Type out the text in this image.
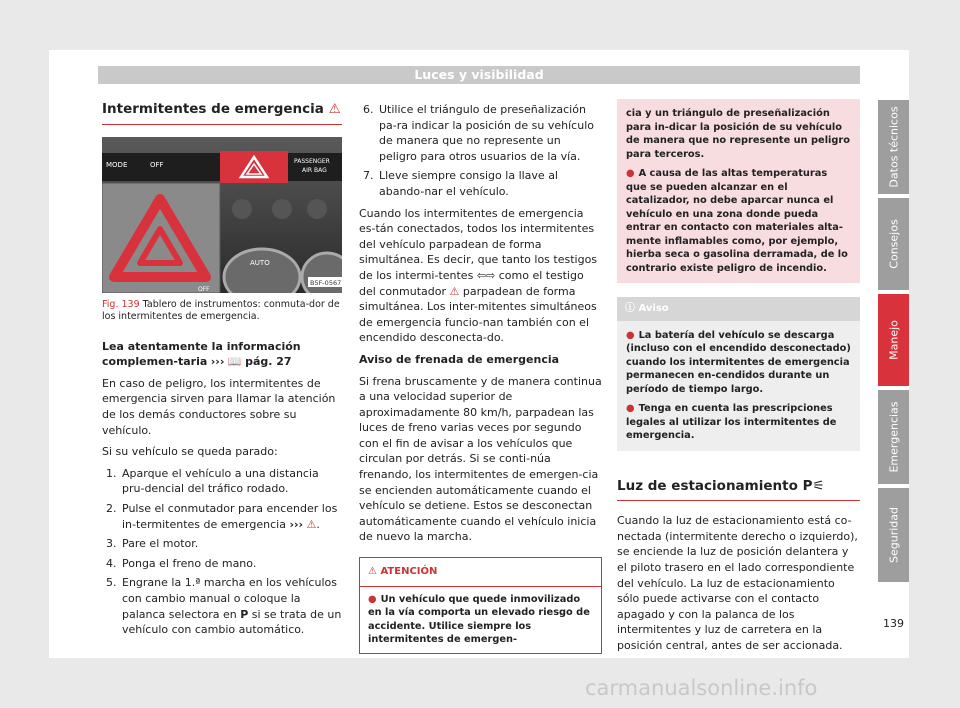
Luces y visibilidad
Intermitentes de emergencia ⚠
MODE	OFF	PASSENGER
AIR BAG
AUTO
OFF
B5F-0567
Fig. 139 Tablero de instrumentos: conmuta-dor de los intermitentes de emergencia.

Lea atentamente la información complemen-taria ››› 📖 pág. 27

En caso de peligro, los intermitentes de emergencia sirven para llamar la atención de los demás conductores sobre su vehículo.

Si su vehículo se queda parado:

1. Aparque el vehículo a una distancia pru-dencial del tráfico rodado.
2. Pulse el conmutador para encender los in-termitentes de emergencia ››› ⚠.
3. Pare el motor.
4. Ponga el freno de mano.
5. Engrane la 1.ª marcha en los vehículos con cambio manual o coloque la palanca selectora en P si se trata de un vehículo con cambio automático.
6. Utilice el triángulo de preseñalización pa-ra indicar la posición de su vehículo de manera que no represente un peligro para otros usuarios de la vía.
7. Lleve siempre consigo la llave al abando-nar el vehículo.

Cuando los intermitentes de emergencia es-tán conectados, todos los intermitentes del vehículo parpadean de forma simultánea. Es decir, que tanto los testigos de los intermi-tentes ⇦⇨ como el testigo del conmutador ⚠ parpadean de forma simultánea. Los inter-mitentes simultáneos de emergencia funcio-nan también con el encendido desconecta-do.

Aviso de frenada de emergencia

Si frena bruscamente y de manera continua a una velocidad superior de aproximadamente 80 km/h, parpadean las luces de freno varias veces por segundo con el fin de avisar a los vehículos que circulan por detrás. Si se conti-núa frenando, los intermitentes de emergen-cia se encienden automáticamente cuando el vehículo se detiene. Estos se desconectan automáticamente cuando el vehículo inicia de nuevo la marcha.

⚠ ATENCIÓN
● Un vehículo que quede inmovilizado en la vía comporta un elevado riesgo de accidente. Utilice siempre los intermitentes de emergen-

cia y un triángulo de preseñalización para in-dicar la posición de su vehículo de manera que no represente un peligro para terceros.

● A causa de las altas temperaturas que se pueden alcanzar en el catalizador, no debe aparcar nunca el vehículo en una zona donde pueda entrar en contacto con materiales alta-mente inflamables como, por ejemplo, hierba seca o gasolina derramada, de lo contrario existe peligro de incendio.

ⓘ Aviso

● La batería del vehículo se descarga (incluso con el encendido desconectado) cuando los intermitentes de emergencia permanecen en-cendidos durante un período de tiempo largo.

● Tenga en cuenta las prescripciones legales al utilizar los intermitentes de emergencia.

Luz de estacionamiento P⚟

Cuando la luz de estacionamiento está co-nectada (intermitente derecho o izquierdo), se enciende la luz de posición delantera y el piloto trasero en el lado correspondiente del vehículo. La luz de estacionamiento sólo puede activarse con el contacto apagado y con la palanca de los intermitentes y luz de carretera en la posición central, antes de ser accionada.

Datos técnicos
Consejos
Manejo
Emergencias
Seguridad
139
carmanualsonline.info
